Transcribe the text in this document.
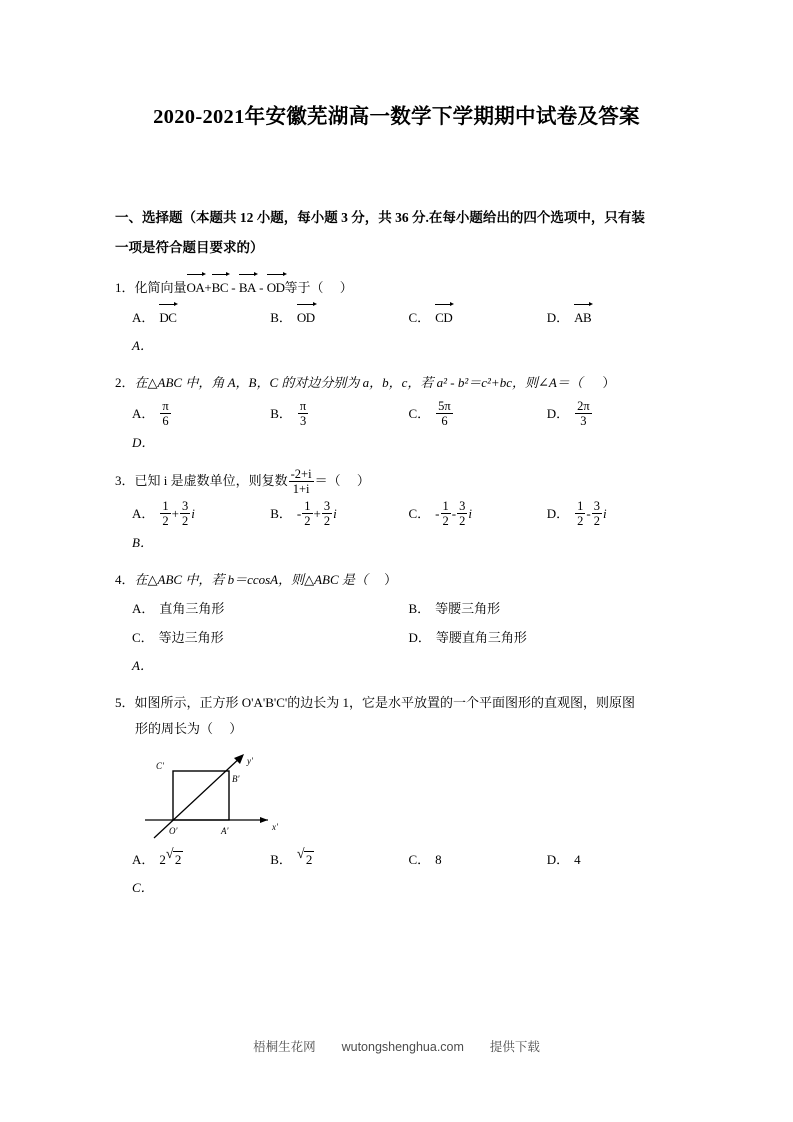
2020-2021年安徽芜湖高一数学下学期期中试卷及答案
一、选择题（本题共 12 小题，每小题 3 分，共 36 分.在每小题给出的四个选项中，只有装
一项是符合题目要求的）
1．化简向量
OA+
BC - BA - OD等于（ ）
A． DC	B． OD	C． CD	D． AB
A．
2．在△ABC 中，角 A，B，C 的对边分别为 a，b，c，若 a² - b²＝c²+bc，则∠A＝（ ）
A． $\frac{\pi}{6}$	B． $\frac{\pi}{3}$	C． $\frac{5\pi}{6}$	D． $\frac{2\pi}{3}$
D．
3．已知 i 是虚数单位，则复数 $\frac{-2+i}{1+i}$ ＝（ ）
A． $\frac{1}{2} + \frac{3}{2}$ i	B． - $\frac{1}{2} + \frac{3}{2}$ i	C． - $\frac{1}{2} - \frac{3}{2}$ i	D． $\frac{1}{2} - \frac{3}{2}$ i
B．
4．在△ABC 中，若 b＝ccosA，则△ABC 是（ ）
A． 直角三角形	B． 等腰三角形
C． 等边三角形	D． 等腰直角三角形
A．
5．如图所示，正方形 O'A'B'C'的边长为 1，它是水平放置的一个平面图形的直观图，则原图
形的周长为（ ）
C'
B'
O'	A'	x'
y'
A． 2 √ 2	B． √ 2	C． 8	D． 4
C．
梧桐生花网 wutongshenghua.com 提供下载
